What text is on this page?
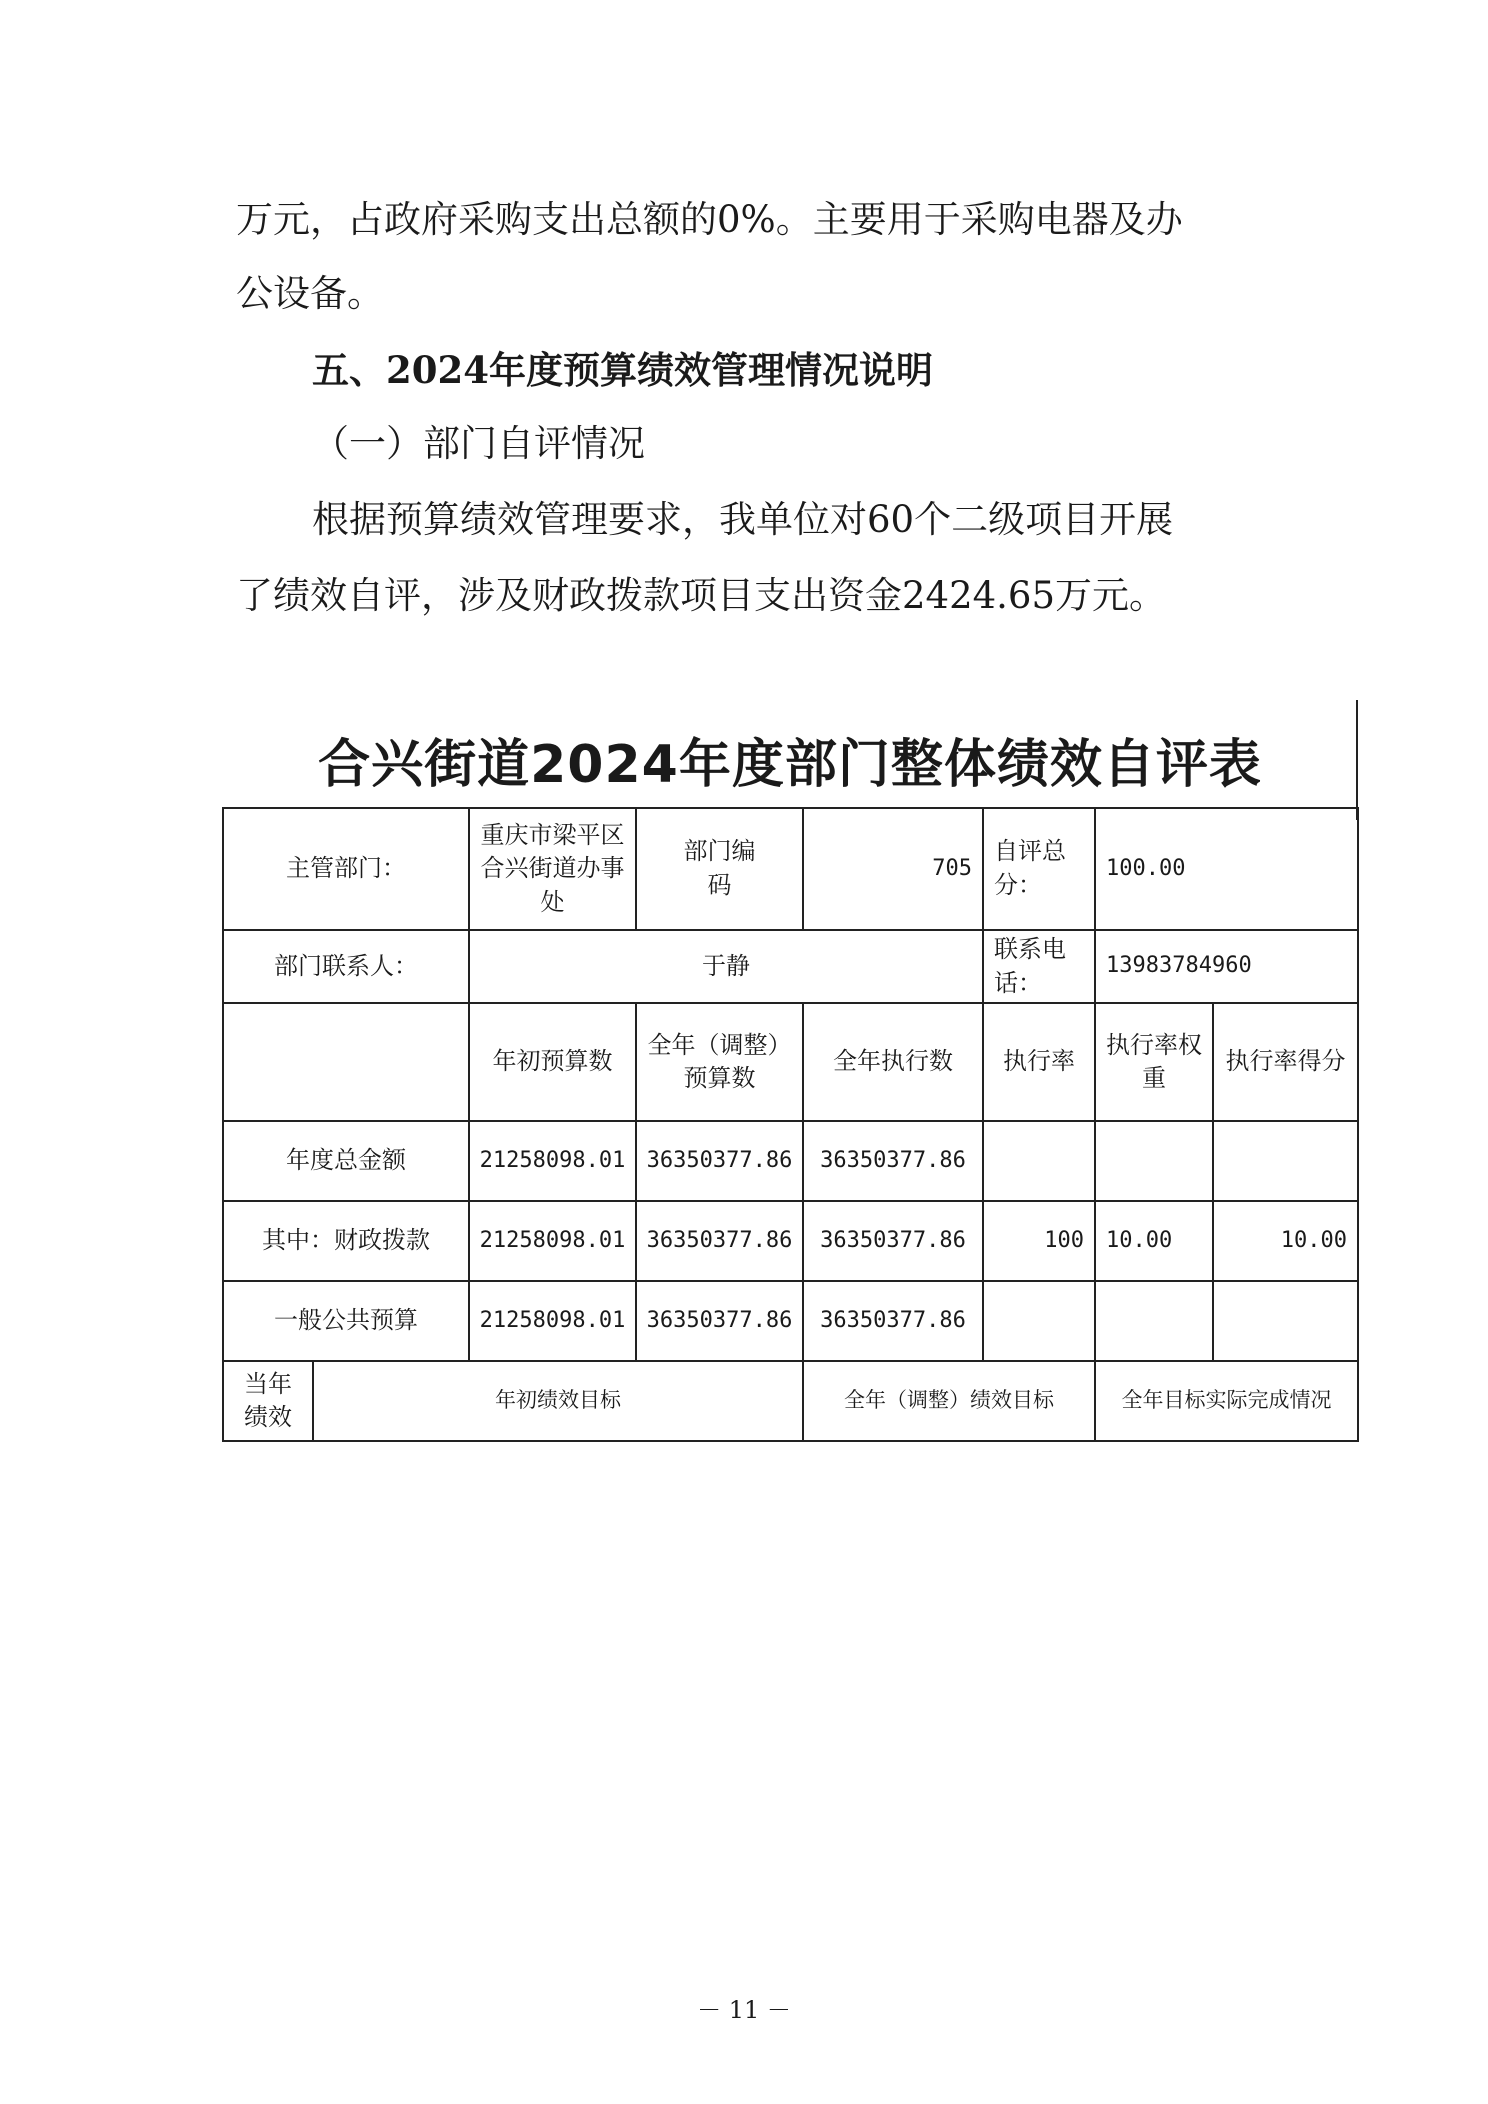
万元，占政府采购支出总额的0%。主要用于采购电器及办
公设备。
五、2024年度预算绩效管理情况说明
（一）部门自评情况
根据预算绩效管理要求，我单位对60个二级项目开展
了绩效自评，涉及财政拨款项目支出资金2424.65万元。
合兴街道2024年度部门整体绩效自评表
主管部门：		重庆市梁平区合兴街道办事处	部门编码	705	自评总分：	100.00	
部门联系人：		于静			联系电话：	13983784960	
		年初预算数	全年（调整）预算数	全年执行数	执行率	执行率权重	执行率得分
年度总金额		21258098.01	36350377.86	36350377.86			
其中：财政拨款		21258098.01	36350377.86	36350377.86	100	10.00	10.00
一般公共预算		21258098.01	36350377.86	36350377.86			
当年绩效	年初绩效目标			全年（调整）绩效目标		全年目标实际完成情况	
－ 11 －
